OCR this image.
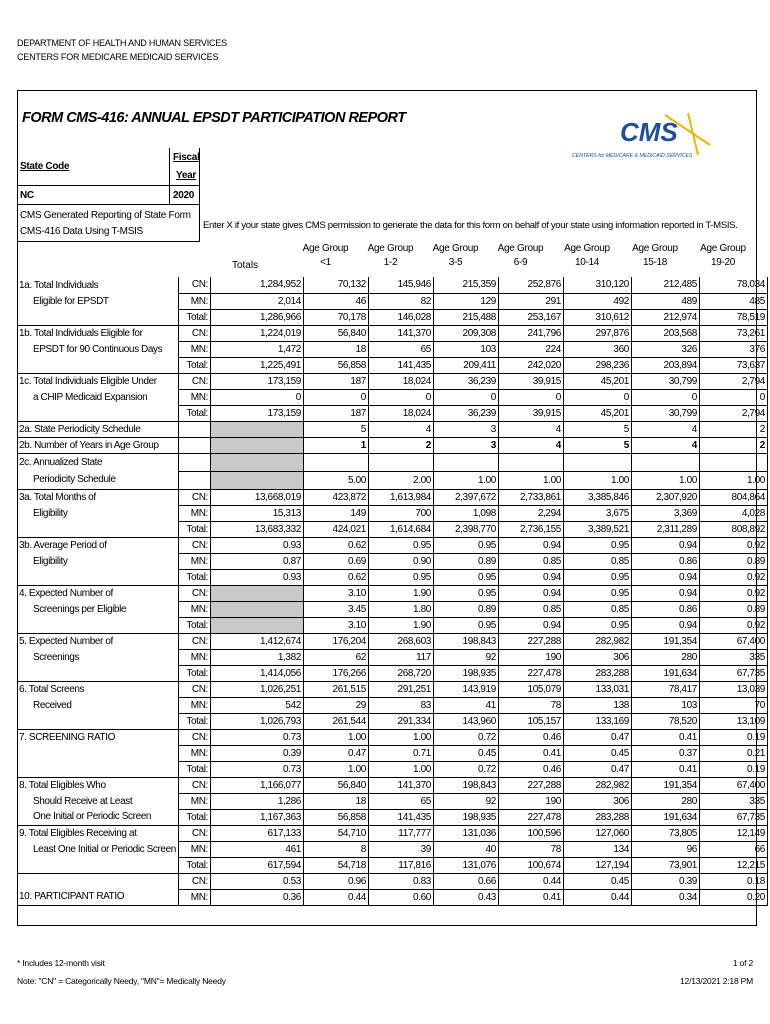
DEPARTMENT OF HEALTH AND HUMAN SERVICES
CENTERS FOR MEDICARE MEDICAID SERVICES
FORM CMS-416: ANNUAL EPSDT PARTICIPATION REPORT	CMS
CENTERS for MEDICARE & MEDICAID SERVICES
State Code
Fiscal
Year
NC	2020
CMS Generated Reporting of State Form
CMS-416 Data Using T-MSIS
Enter X if your state gives CMS permission to generate the data for this form on behalf of your state using information reported in T-MSIS.
Totals
Age Group
<1
Age Group
1-2
Age Group
3-5
Age Group
6-9
Age Group
10-14
Age Group
15-18
Age Group
19-20
1a. Total Individuals	CN:	1,284,952	70,132	145,946	215,359	252,876	310,120	212,485	78,034
Eligible for EPSDT	MN:	2,014	46	82	129	291	492	489	485
	Total:	1,286,966	70,178	146,028	215,488	253,167	310,612	212,974	78,519
1b. Total Individuals Eligible for	CN:	1,224,019	56,840	141,370	209,308	241,796	297,876	203,568	73,261
EPSDT for 90 Continuous Days	MN:	1,472	18	65	103	224	360	326	376
	Total:	1,225,491	56,858	141,435	209,411	242,020	298,236	203,894	73,637
1c. Total Individuals Eligible Under	CN:	173,159	187	18,024	36,239	39,915	45,201	30,799	2,794
a CHIP Medicaid Expansion	MN:	0	0	0	0	0	0	0	0
	Total:	173,159	187	18,024	36,239	39,915	45,201	30,799	2,794
2a. State Periodicity Schedule			5	4	3	4	5	4	2
2b. Number of Years in Age Group			1	2	3	4	5	4	2
2c. Annualized State									
Periodicity Schedule			5.00	2.00	1.00	1.00	1.00	1.00	1.00
3a. Total Months of	CN:	13,668,019	423,872	1,613,984	2,397,672	2,733,861	3,385,846	2,307,920	804,864
Eligibility	MN:	15,313	149	700	1,098	2,294	3,675	3,369	4,028
	Total:	13,683,332	424,021	1,614,684	2,398,770	2,736,155	3,389,521	2,311,289	808,892
3b. Average Period of	CN:	0.93	0.62	0.95	0.95	0.94	0.95	0.94	0.92
Eligibility	MN:	0.87	0.69	0.90	0.89	0.85	0.85	0.86	0.89
	Total:	0.93	0.62	0.95	0.95	0.94	0.95	0.94	0.92
4. Expected Number of	CN:		3.10	1.90	0.95	0.94	0.95	0.94	0.92
Screenings per Eligible	MN:		3.45	1.80	0.89	0.85	0.85	0.86	0.89
	Total:		3.10	1.90	0.95	0.94	0.95	0.94	0.92
5. Expected Number of	CN:	1,412,674	176,204	268,603	198,843	227,288	282,982	191,354	67,400
Screenings	MN:	1,382	62	117	92	190	306	280	335
	Total:	1,414,056	176,266	268,720	198,935	227,478	283,288	191,634	67,735
6. Total Screens	CN:	1,026,251	261,515	291,251	143,919	105,079	133,031	78,417	13,039
Received	MN:	542	29	83	41	78	138	103	70
	Total:	1,026,793	261,544	291,334	143,960	105,157	133,169	78,520	13,109
7. SCREENING RATIO	CN:	0.73	1.00	1.00	0.72	0.46	0.47	0.41	0.19
	MN:	0.39	0.47	0.71	0.45	0.41	0.45	0.37	0.21
	Total:	0.73	1.00	1.00	0.72	0.46	0.47	0.41	0.19
8. Total Eligibles Who	CN:	1,166,077	56,840	141,370	198,843	227,288	282,982	191,354	67,400
Should Receive at Least	MN:	1,286	18	65	92	190	306	280	335
One Initial or Periodic Screen	Total:	1,167,363	56,858	141,435	198,935	227,478	283,288	191,634	67,735
9. Total Eligibles Receiving at	CN:	617,133	54,710	117,777	131,036	100,596	127,060	73,805	12,149
Least One Initial or Periodic Screen	MN:	461	8	39	40	78	134	96	66
	Total:	617,594	54,718	117,816	131,076	100,674	127,194	73,901	12,215
	CN:	0.53	0.96	0.83	0.66	0.44	0.45	0.39	0.18
10. PARTICIPANT RATIO	MN:	0.36	0.44	0.60	0.43	0.41	0.44	0.34	0.20
* Includes 12-month visit
Note: "CN" = Categorically Needy, "MN"= Medically Needy
1 of 2
12/13/2021 2:18 PM
